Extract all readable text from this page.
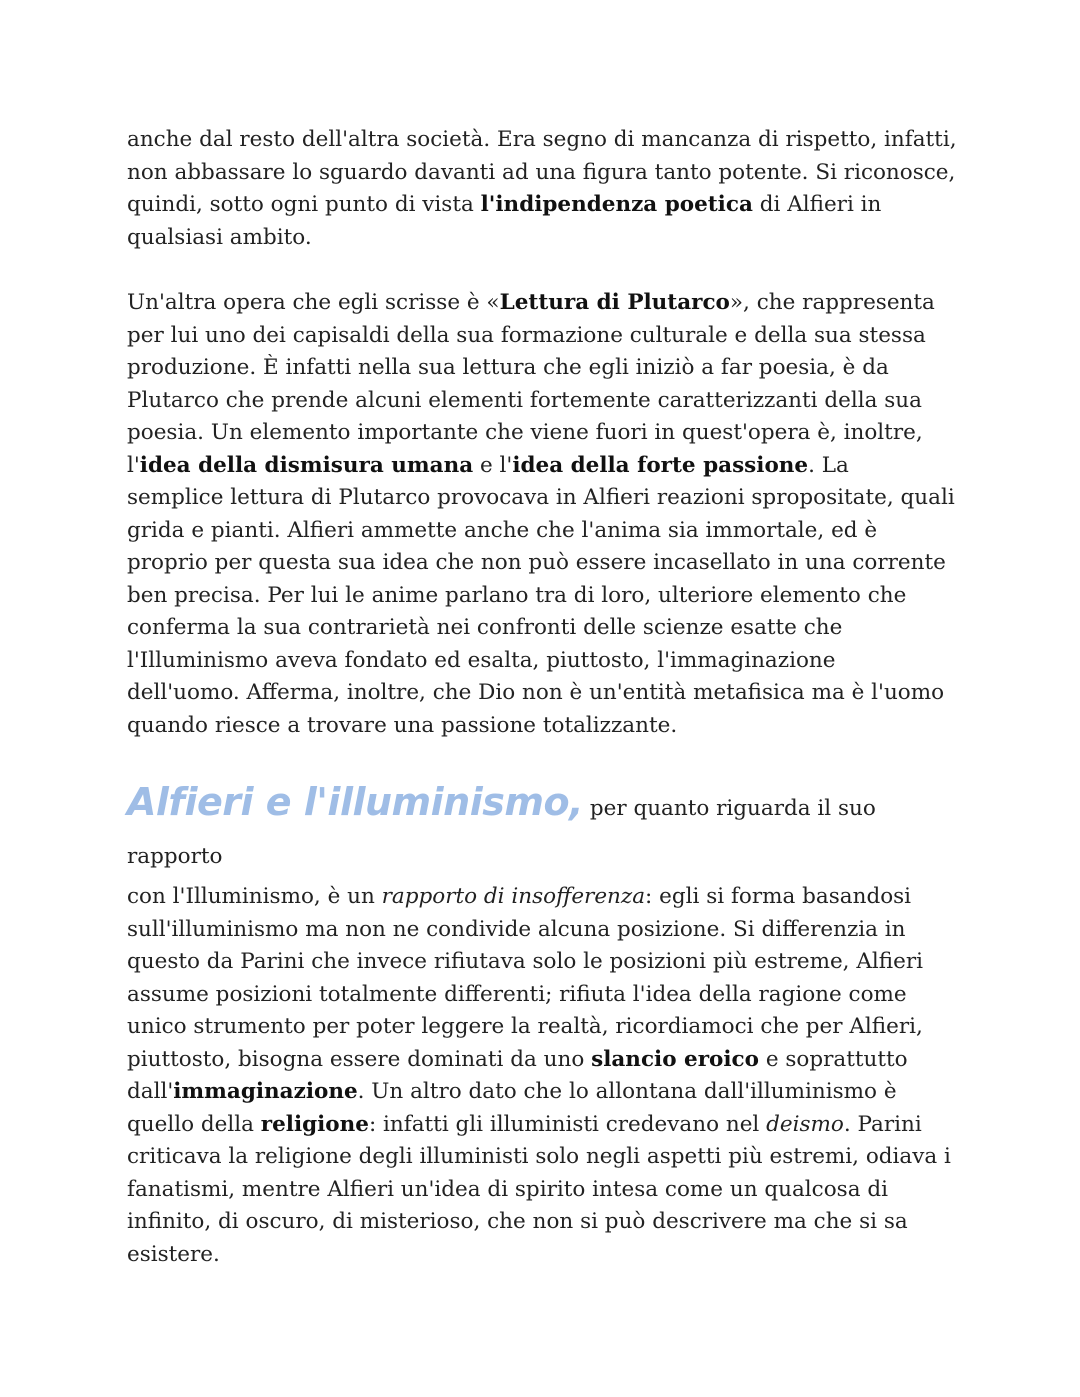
anche dal resto dell'altra società. Era segno di mancanza di rispetto, infatti,
non abbassare lo sguardo davanti ad una figura tanto potente. Si riconosce,
quindi, sotto ogni punto di vista l'indipendenza poetica di Alfieri in
qualsiasi ambito.

Un'altra opera che egli scrisse è «Lettura di Plutarco», che rappresenta
per lui uno dei capisaldi della sua formazione culturale e della sua stessa
produzione. È infatti nella sua lettura che egli iniziò a far poesia, è da
Plutarco che prende alcuni elementi fortemente caratterizzanti della sua
poesia. Un elemento importante che viene fuori in quest'opera è, inoltre,
l'idea della dismisura umana e l'idea della forte passione. La
semplice lettura di Plutarco provocava in Alfieri reazioni spropositate, quali
grida e pianti. Alfieri ammette anche che l'anima sia immortale, ed è
proprio per questa sua idea che non può essere incasellato in una corrente
ben precisa. Per lui le anime parlano tra di loro, ulteriore elemento che
conferma la sua contrarietà nei confronti delle scienze esatte che
l'Illuminismo aveva fondato ed esalta, piuttosto, l'immaginazione
dell'uomo. Afferma, inoltre, che Dio non è un'entità metafisica ma è l'uomo
quando riesce a trovare una passione totalizzante.

Alfieri e l'illuminismo, per quanto riguarda il suo rapporto
con l'Illuminismo, è un rapporto di insofferenza: egli si forma basandosi
sull'illuminismo ma non ne condivide alcuna posizione. Si differenzia in
questo da Parini che invece rifiutava solo le posizioni più estreme, Alfieri
assume posizioni totalmente differenti; rifiuta l'idea della ragione come
unico strumento per poter leggere la realtà, ricordiamoci che per Alfieri,
piuttosto, bisogna essere dominati da uno slancio eroico e soprattutto
dall'immaginazione. Un altro dato che lo allontana dall'illuminismo è
quello della religione: infatti gli illuministi credevano nel deismo. Parini
criticava la religione degli illuministi solo negli aspetti più estremi, odiava i
fanatismi, mentre Alfieri un'idea di spirito intesa come un qualcosa di
infinito, di oscuro, di misterioso, che non si può descrivere ma che si sa
esistere.
